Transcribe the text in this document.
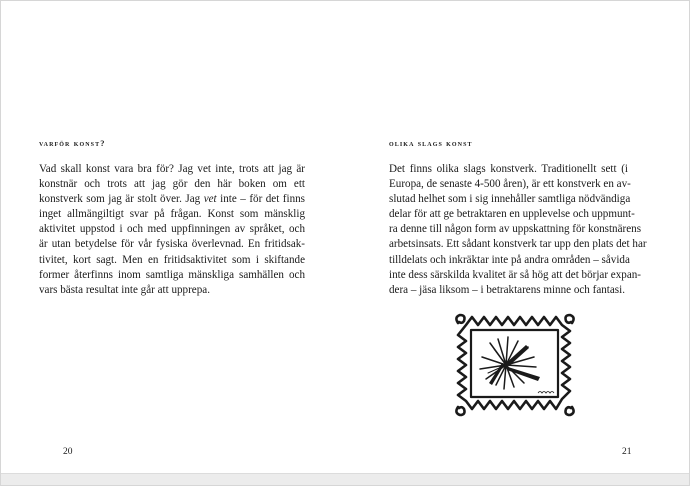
varför konst?
Vad skall konst vara bra för? Jag vet inte, trots att jag är
konstnär och trots att jag gör den här boken om ett
konstverk som jag är stolt över. Jag vet inte – för det finns
inget allmängiltigt svar på frågan. Konst som mänsklig
aktivitet uppstod i och med uppfinningen av språket, och
är utan betydelse för vår fysiska överlevnad. En fritidsak-
tivitet, kort sagt. Men en fritidsaktivitet som i skiftande
former återfinns inom samtliga mänskliga samhällen och
vars bästa resultat inte går att upprepa.
20
olika slags konst
Det finns olika slags konstverk. Traditionellt sett (i
Europa, de senaste 4-500 åren), är ett konstverk en av-
slutad helhet som i sig innehåller samtliga nödvändiga
delar för att ge betraktaren en upplevelse och uppmunt-
ra denne till någon form av uppskattning för konstnärens
arbetsinsats. Ett sådant konstverk tar upp den plats det har
tilldelats och inkräktar inte på andra områden – såvida
inte dess särskilda kvalitet är så hög att det börjar expan-
dera – jäsa liksom – i betraktarens minne och fantasi.
21
